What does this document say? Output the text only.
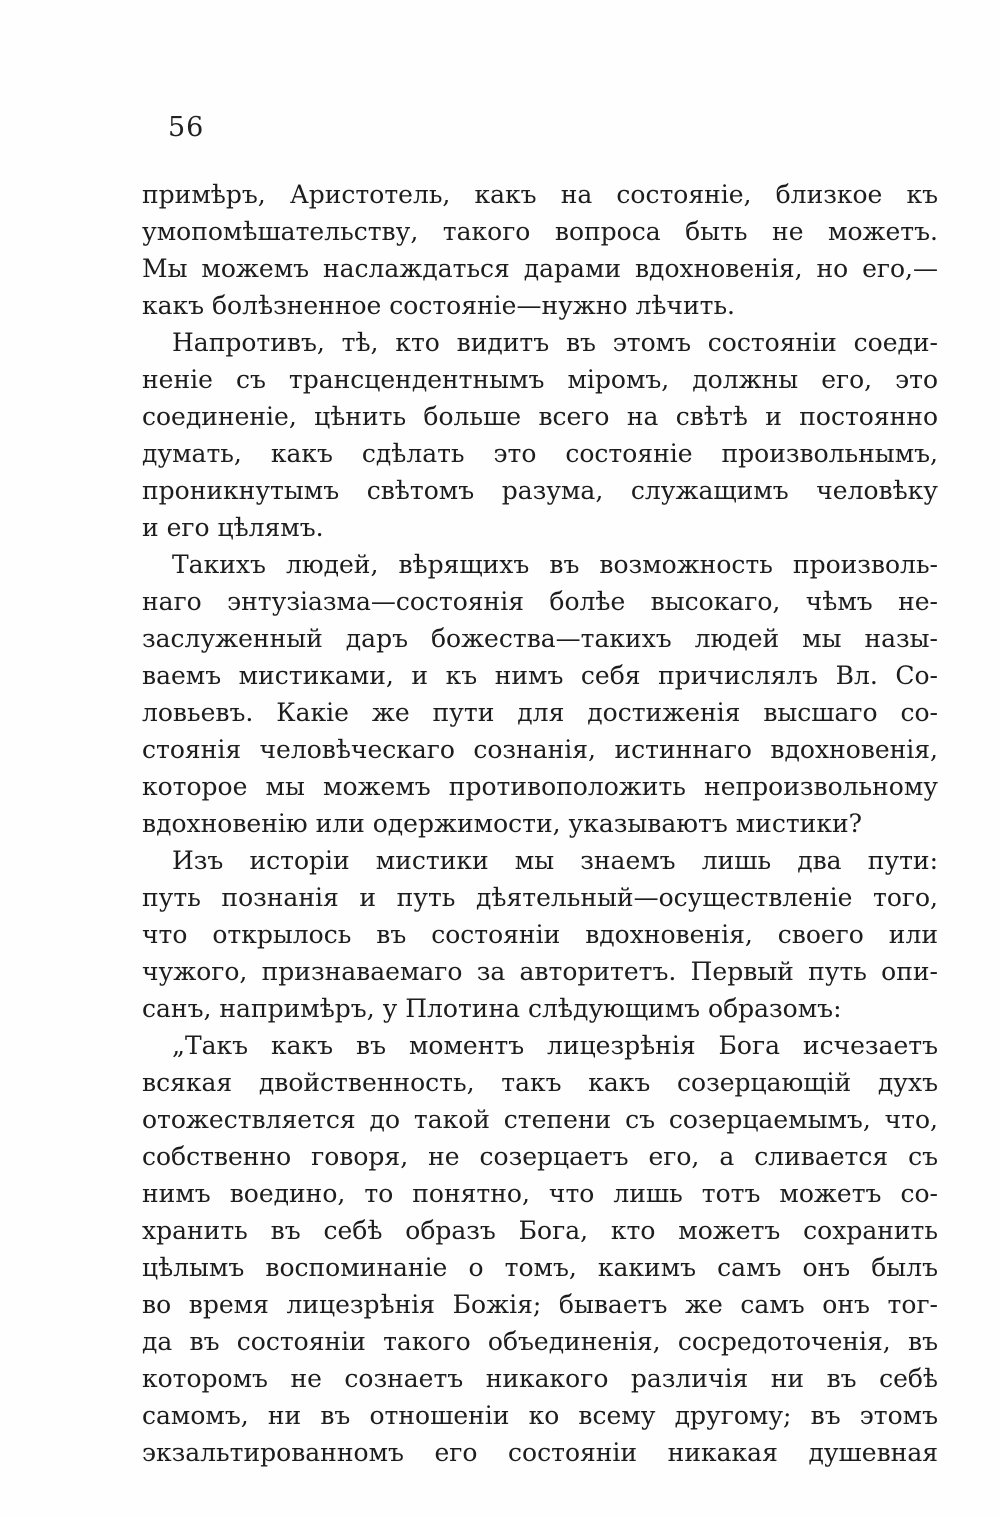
56
примѣръ, Аристотель, какъ на состояніе, близкое къ
умопомѣшательству, такого вопроса быть не можетъ.
Мы можемъ наслаждаться дарами вдохновенія, но его,—
какъ болѣзненное состояніе—нужно лѣчить.
Напротивъ, тѣ, кто видитъ въ этомъ состояніи соеди-
неніе съ трансцендентнымъ міромъ, должны его, это
соединеніе, цѣнить больше всего на свѣтѣ и постоянно
думать, какъ сдѣлать это состояніе произвольнымъ,
проникнутымъ свѣтомъ разума, служащимъ человѣку
и его цѣлямъ.
Такихъ людей, вѣрящихъ въ возможность произволь-
наго энтузіазма—состоянія болѣе высокаго, чѣмъ не-
заслуженный даръ божества—такихъ людей мы назы-
ваемъ мистиками, и къ нимъ себя причислялъ Вл. Со-
ловьевъ. Какіе же пути для достиженія высшаго со-
стоянія человѣческаго сознанія, истиннаго вдохновенія,
которое мы можемъ противоположить непроизвольному
вдохновенію или одержимости, указываютъ мистики?
Изъ исторіи мистики мы знаемъ лишь два пути:
путь познанія и путь дѣятельный—осуществленіе того,
что открылось въ состояніи вдохновенія, своего или
чужого, признаваемаго за авторитетъ. Первый путь опи-
санъ, напримѣръ, у Плотина слѣдующимъ образомъ:
„Такъ какъ въ моментъ лицезрѣнія Бога исчезаетъ
всякая двойственность, такъ какъ созерцающій духъ
отожествляется до такой степени съ созерцаемымъ, что,
собственно говоря, не созерцаетъ его, а сливается съ
нимъ воедино, то понятно, что лишь тотъ можетъ со-
хранить въ себѣ образъ Бога, кто можетъ сохранить
цѣлымъ воспоминаніе о томъ, какимъ самъ онъ былъ
во время лицезрѣнія Божія; бываетъ же самъ онъ тог-
да въ состояніи такого объединенія, сосредоточенія, въ
которомъ не сознаетъ никакого различія ни въ себѣ
самомъ, ни въ отношеніи ко всему другому; въ этомъ
экзальтированномъ его состояніи никакая душевная
